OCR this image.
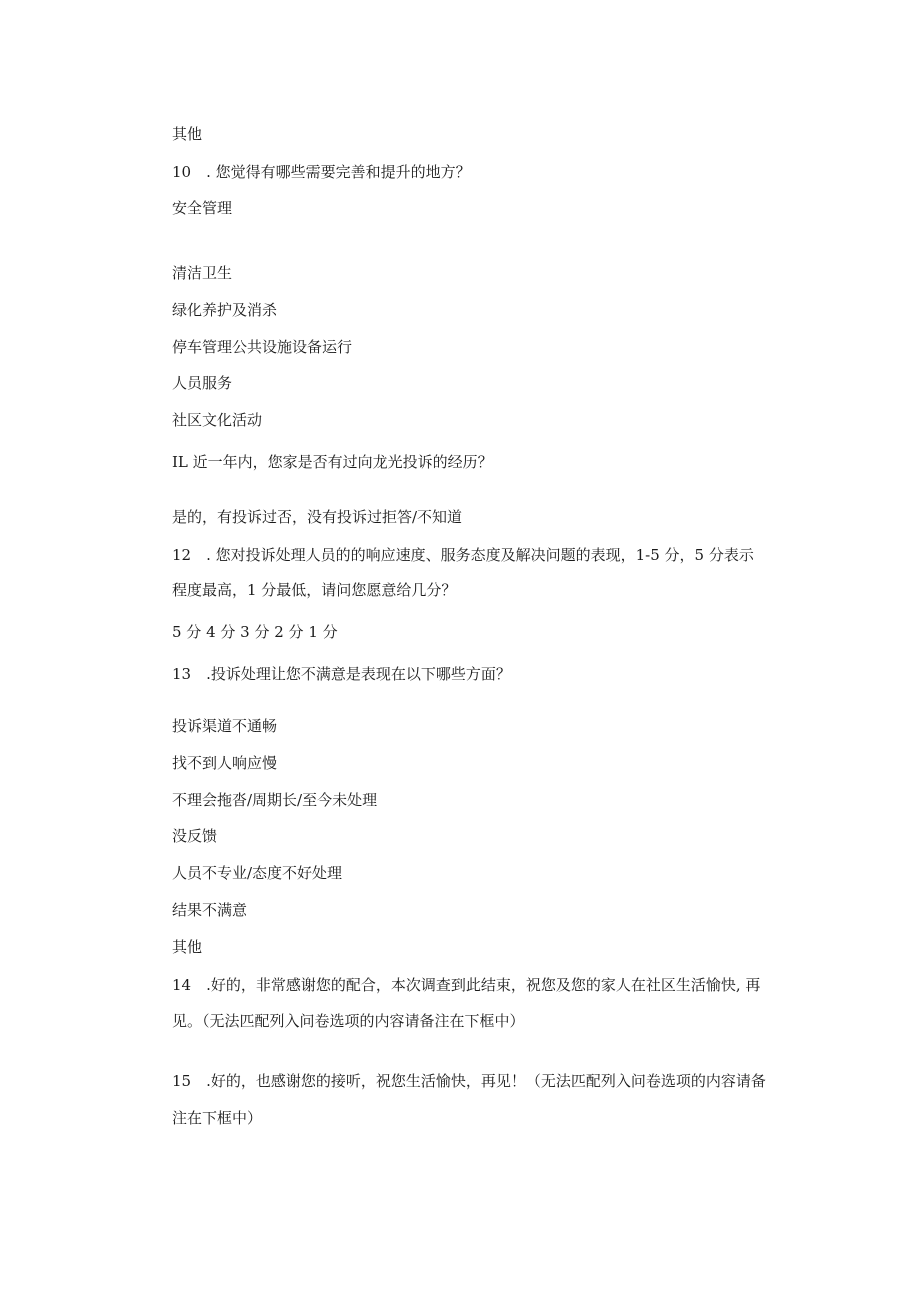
其他
10　. 您觉得有哪些需要完善和提升的地方？
安全管理
清洁卫生
绿化养护及消杀
停车管理公共设施设备运行
人员服务
社区文化活动
IL 近一年内，您家是否有过向龙光投诉的经历？
是的，有投诉过否，没有投诉过拒答/不知道
12　. 您对投诉处理人员的的响应速度、服务态度及解决问题的表现，1-5 分，5 分表示
程度最高，1 分最低，请问您愿意给几分？
5 分 4 分 3 分 2 分 1 分
13　.投诉处理让您不满意是表现在以下哪些方面？
投诉渠道不通畅
找不到人响应慢
不理会拖沓/周期长/至今未处理
没反馈
人员不专业/态度不好处理
结果不满意
其他
14　.好的，非常感谢您的配合，本次调查到此结束，祝您及您的家人在社区生活愉快, 再
见。（无法匹配列入问卷选项的内容请备注在下框中）
15　.好的，也感谢您的接听，祝您生活愉快，再见！（无法匹配列入问卷选项的内容请备
注在下框中）
